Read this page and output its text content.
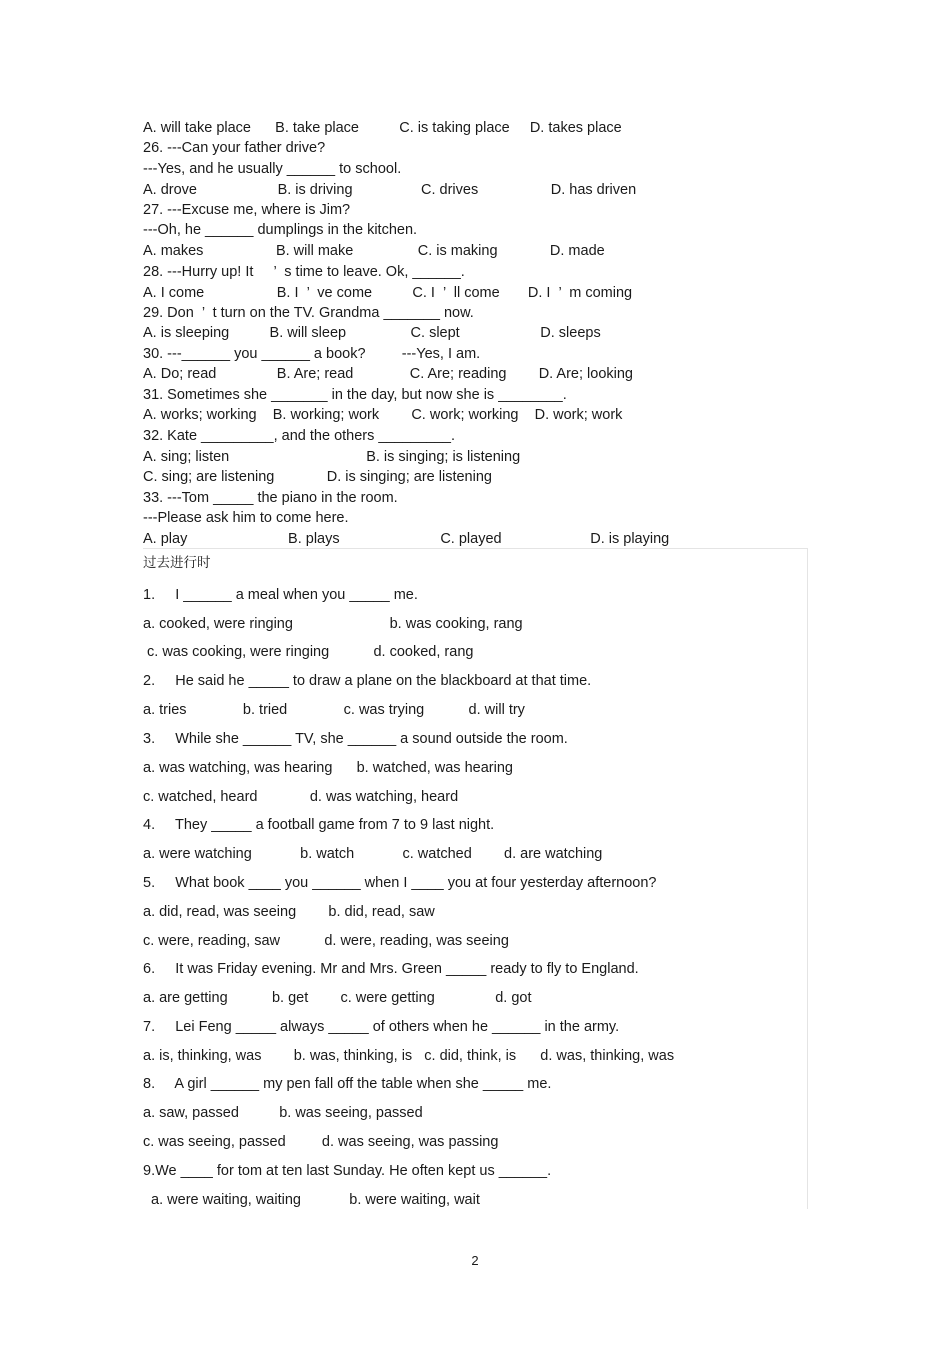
A. will take place      B. take place          C. is taking place     D. takes place
26. ---Can your father drive?
---Yes, and he usually ______ to school.
A. drove                    B. is driving                 C. drives                  D. has driven
27. ---Excuse me, where is Jim?
---Oh, he ______ dumplings in the kitchen.
A. makes                  B. will make                C. is making             D. made
28. ---Hurry up! It     ’  s time to leave. Ok, ______.
A. I come                  B. I  ’  ve come          C. I  ’  ll come       D. I  ’  m coming
29. Don  ’  t turn on the TV. Grandma _______ now.
A. is sleeping          B. will sleep                C. slept                    D. sleeps
30. ---______ you ______ a book?         ---Yes, I am.
A. Do; read               B. Are; read              C. Are; reading        D. Are; looking
31. Sometimes she _______ in the day, but now she is ________.
A. works; working    B. working; work        C. work; working    D. work; work
32. Kate _________, and the others _________.
A. sing; listen                                  B. is singing; is listening
C. sing; are listening             D. is singing; are listening
33. ---Tom _____ the piano in the room.
---Please ask him to come here.
A. play                         B. plays                         C. played                      D. is playing
过去进行时
1.     I ______ a meal when you _____ me.
a. cooked, were ringing                        b. was cooking, rang
c. was cooking, were ringing           d. cooked, rang
2.     He said he _____ to draw a plane on the blackboard at that time.
a. tries              b. tried              c. was trying           d. will try
3.     While she ______ TV, she ______ a sound outside the room.
a. was watching, was hearing      b. watched, was hearing
c. watched, heard             d. was watching, heard
4.     They _____ a football game from 7 to 9 last night.
a. were watching            b. watch            c. watched        d. are watching
5.     What book ____ you ______ when I ____ you at four yesterday afternoon?
a. did, read, was seeing        b. did, read, saw
c. were, reading, saw           d. were, reading, was seeing
6.     It was Friday evening. Mr and Mrs. Green _____ ready to fly to England.
a. are getting           b. get        c. were getting               d. got
7.     Lei Feng _____ always _____ of others when he ______ in the army.
a. is, thinking, was        b. was, thinking, is   c. did, think, is      d. was, thinking, was
8.     A girl ______ my pen fall off the table when she _____ me.
a. saw, passed          b. was seeing, passed
c. was seeing, passed         d. was seeing, was passing
9.We ____ for tom at ten last Sunday. He often kept us ______.
a. were waiting, waiting            b. were waiting, wait
2
